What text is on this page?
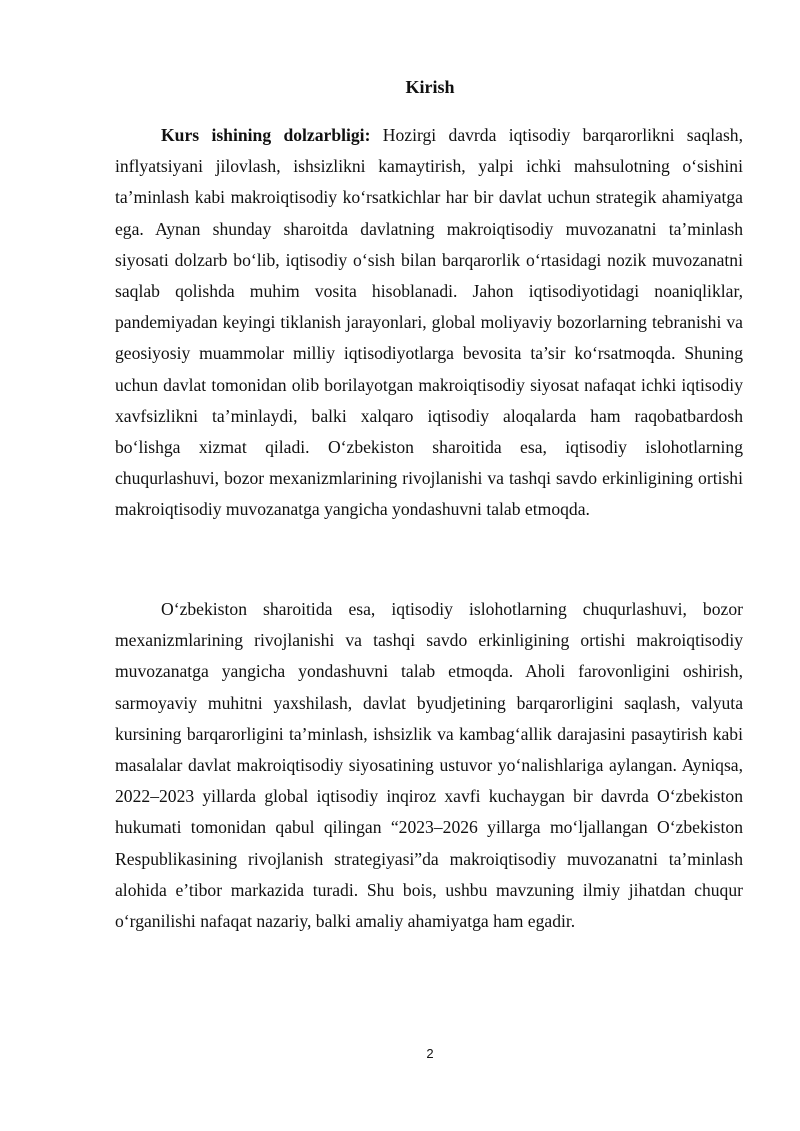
Kirish

Kurs ishining dolzarbligi: Hozirgi davrda iqtisodiy barqarorlikni saqlash, inflyatsiyani jilovlash, ishsizlikni kamaytirish, yalpi ichki mahsulotning o‘sishini ta’minlash kabi makroiqtisodiy ko‘rsatkichlar har bir davlat uchun strategik ahamiyatga ega. Aynan shunday sharoitda davlatning makroiqtisodiy muvozanatni ta’minlash siyosati dolzarb bo‘lib, iqtisodiy o‘sish bilan barqarorlik o‘rtasidagi nozik muvozanatni saqlab qolishda muhim vosita hisoblanadi. Jahon iqtisodiyotidagi noaniqliklar, pandemiyadan keyingi tiklanish jarayonlari, global moliyaviy bozorlarning tebranishi va geosiyosiy muammolar milliy iqtisodiyotlarga bevosita ta’sir ko‘rsatmoqda. Shuning uchun davlat tomonidan olib borilayotgan makroiqtisodiy siyosat nafaqat ichki iqtisodiy xavfsizlikni ta’minlaydi, balki xalqaro iqtisodiy aloqalarda ham raqobatbardosh bo‘lishga xizmat qiladi. O‘zbekiston sharoitida esa, iqtisodiy islohotlarning chuqurlashuvi, bozor mexanizmlarining rivojlanishi va tashqi savdo erkinligining ortishi makroiqtisodiy muvozanatga yangicha yondashuvni talab etmoqda.

O‘zbekiston sharoitida esa, iqtisodiy islohotlarning chuqurlashuvi, bozor mexanizmlarining rivojlanishi va tashqi savdo erkinligining ortishi makroiqtisodiy muvozanatga yangicha yondashuvni talab etmoqda. Aholi farovonligini oshirish, sarmoyaviy muhitni yaxshilash, davlat byudjetining barqarorligini saqlash, valyuta kursining barqarorligini ta’minlash, ishsizlik va kambag‘allik darajasini pasaytirish kabi masalalar davlat makroiqtisodiy siyosatining ustuvor yo‘nalishlariga aylangan. Ayniqsa, 2022–2023 yillarda global iqtisodiy inqiroz xavfi kuchaygan bir davrda O‘zbekiston hukumati tomonidan qabul qilingan “2023–2026 yillarga mo‘ljallangan O‘zbekiston Respublikasining rivojlanish strategiyasi”da makroiqtisodiy muvozanatni ta’minlash alohida e’tibor markazida turadi. Shu bois, ushbu mavzuning ilmiy jihatdan chuqur o‘rganilishi nafaqat nazariy, balki amaliy ahamiyatga ham egadir.

2
